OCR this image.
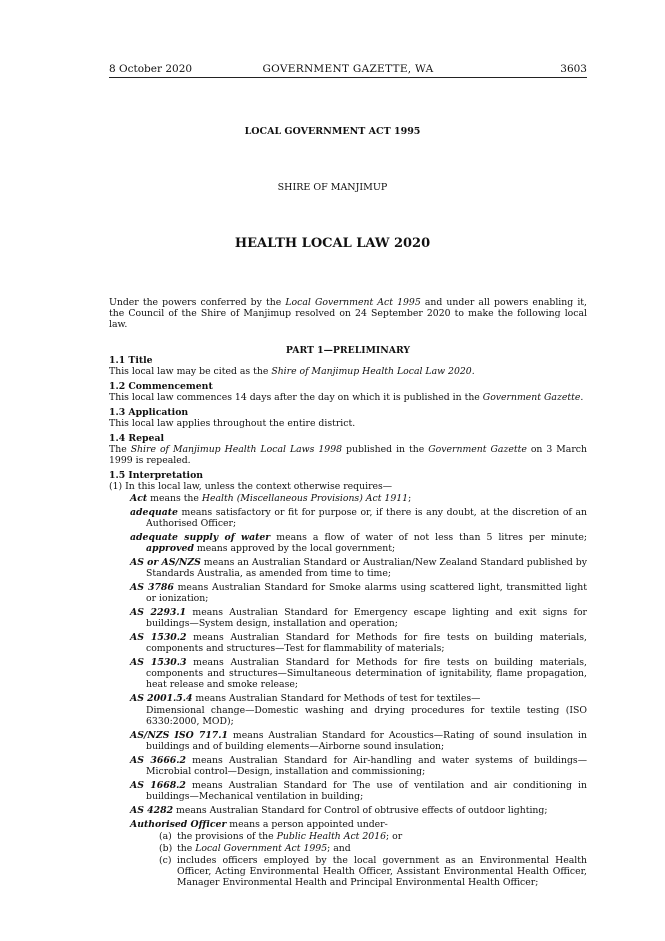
8 October 2020	GOVERNMENT GAZETTE, WA	3603
LOCAL GOVERNMENT ACT 1995
SHIRE OF MANJIMUP
HEALTH LOCAL LAW 2020

Under the powers conferred by the Local Government Act 1995 and under all powers enabling it, the Council of the Shire of Manjimup resolved on 24 September 2020 to make the following local law.

PART 1—PRELIMINARY
1.1 Title

This local law may be cited as the Shire of Manjimup Health Local Law 2020.

1.2 Commencement

This local law commences 14 days after the day on which it is published in the Government Gazette.

1.3 Application

This local law applies throughout the entire district.

1.4 Repeal

The Shire of Manjimup Health Local Laws 1998 published in the Government Gazette on 3 March 1999 is repealed.

1.5 Interpretation

(1) In this local law, unless the context otherwise requires—

Act means the Health (Miscellaneous Provisions) Act 1911;

adequate means satisfactory or fit for purpose or, if there is any doubt, at the discretion of an Authorised Officer;

adequate supply of water means a flow of water of not less than 5 litres per minute; approved means approved by the local government;

AS or AS/NZS means an Australian Standard or Australian/New Zealand Standard published by Standards Australia, as amended from time to time;

AS 3786 means Australian Standard for Smoke alarms using scattered light, transmitted light or ionization;

AS 2293.1 means Australian Standard for Emergency escape lighting and exit signs for buildings—System design, installation and operation;

AS 1530.2 means Australian Standard for Methods for fire tests on building materials, components and structures—Test for flammability of materials;

AS 1530.3 means Australian Standard for Methods for fire tests on building materials, components and structures—Simultaneous determination of ignitability, flame propagation, heat release and smoke release;

AS 2001.5.4 means Australian Standard for Methods of test for textiles—

Dimensional change—Domestic washing and drying procedures for textile testing (ISO 6330:2000, MOD);

AS/NZS ISO 717.1 means Australian Standard for Acoustics—Rating of sound insulation in buildings and of building elements—Airborne sound insulation;

AS 3666.2 means Australian Standard for Air-handling and water systems of buildings—Microbial control—Design, installation and commissioning;

AS 1668.2 means Australian Standard for The use of ventilation and air conditioning in buildings—Mechanical ventilation in building;

AS 4282 means Australian Standard for Control of obtrusive effects of outdoor lighting;

Authorised Officer means a person appointed under-

(a) the provisions of the Public Health Act 2016; or

(b) the Local Government Act 1995; and

(c) includes officers employed by the local government as an Environmental Health Officer, Acting Environmental Health Officer, Assistant Environmental Health Officer, Manager Environmental Health and Principal Environmental Health Officer;
